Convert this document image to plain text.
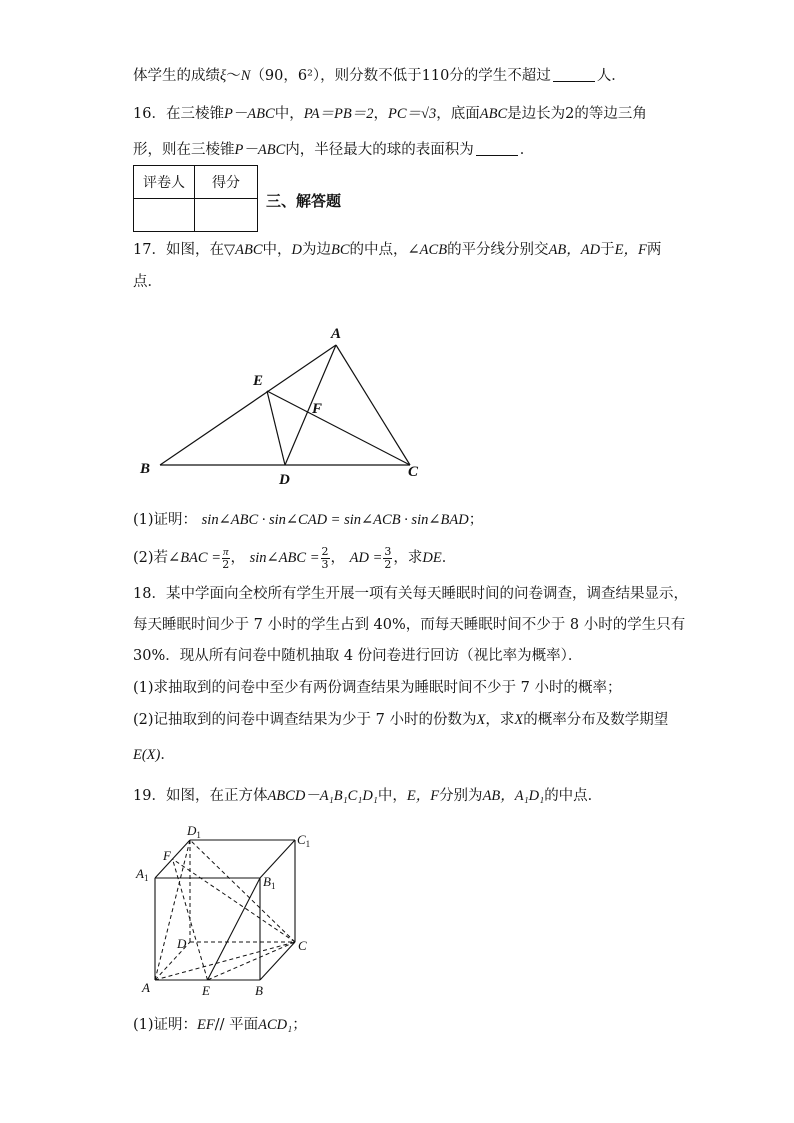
体学生的成绩ξ～N（90，6²），则分数不低于110分的学生不超过	人．
16．在三棱锥P－ABC中，PA＝PB＝2，PC＝√3，底面ABC是边长为2的等边三角
形，则在三棱锥P－ABC内，半径最大的球的表面积为	．
评卷人	得分

三、解答题
17．如图，在▽ABC中，D为边BC的中点，∠ACB的平分线分别交AB，AD于E，F两
点．
A
B	C
D
E
F
(1)证明： sin∠ABC · sin∠CAD = sin∠ACB · sin∠BAD；
(2)若∠BAC = $\frac{\pi}{2}$ ， sin∠ABC = $\frac{2}{3}$ ， AD = $\frac{3}{2}$ ，求DE．
18．某中学面向全校所有学生开展一项有关每天睡眠时间的问卷调查，调查结果显示，
每天睡眠时间少于 7 小时的学生占到 40%，而每天睡眠时间不少于 8 小时的学生只有
30%．现从所有问卷中随机抽取 4 份问卷进行回访（视比率为概率）．
(1)求抽取到的问卷中至少有两份调查结果为睡眠时间不少于 7 小时的概率；
(2)记抽取到的问卷中调查结果为少于 7 小时的份数为X，求X的概率分布及数学期望
E(X)．
19．如图，在正方体ABCD－A₁B₁C₁D₁中，E，F分别为AB，A₁D₁的中点．
A	E	B
C
D
F
$A_1$	$B_1$
$C_1$
$D_1$
(1)证明：EF// 平面ACD₁；
